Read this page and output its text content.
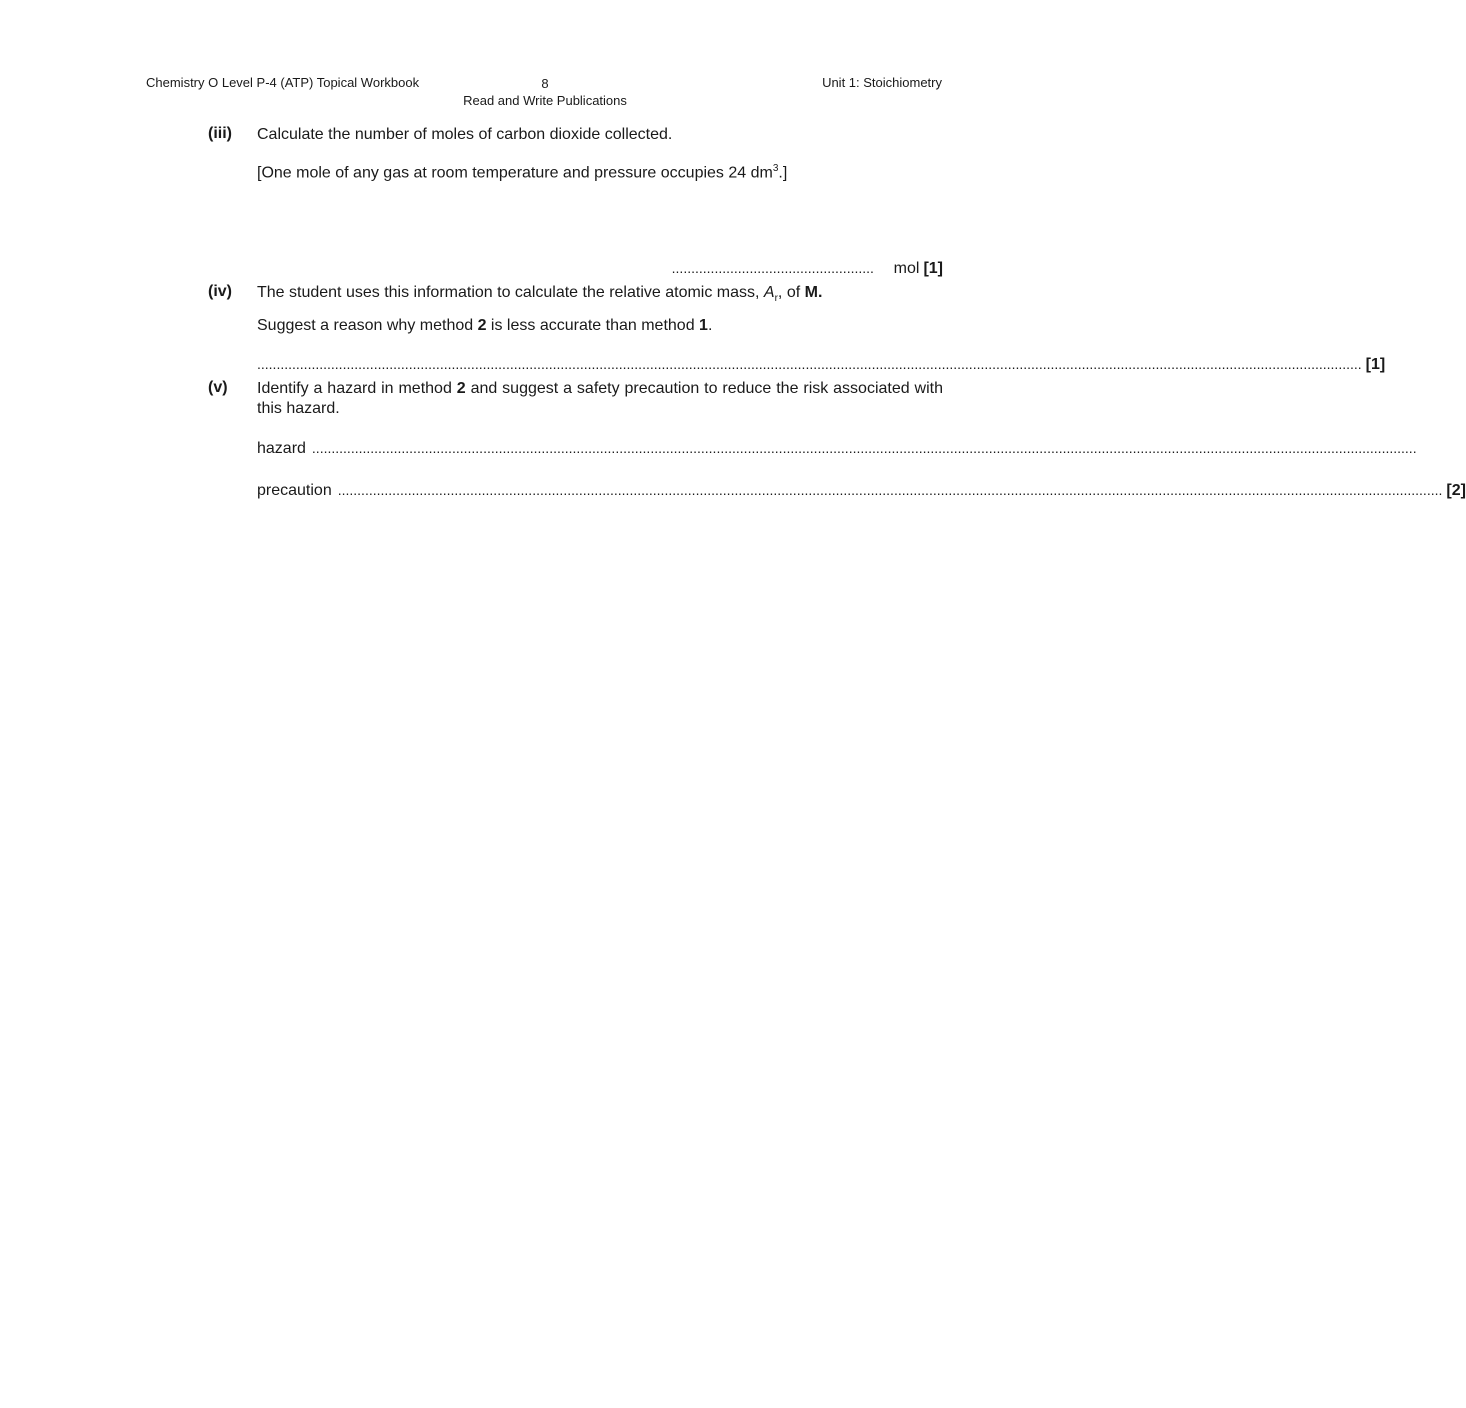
Chemistry O Level P-4 (ATP) Topical Workbook	8
Read and Write Publications
Unit 1: Stoichiometry
(iii) Calculate the number of moles of carbon dioxide collected.
[One mole of any gas at room temperature and pressure occupies 24 $dm^3$.]
....................................................	mol [1]
(iv) The student uses this information to calculate the relative atomic mass, $A_r$, of M.
Suggest a reason why method 2 is less accurate than method 1.
............................................................................................................................................................................................................................................................................................ [1]
(v) Identify a hazard in method 2 and suggest a safety precaution to reduce the risk associated with this hazard.
hazard ............................................................................................................................................................................................................................................................................................
precaution ............................................................................................................................................................................................................................................................................................ [2]
